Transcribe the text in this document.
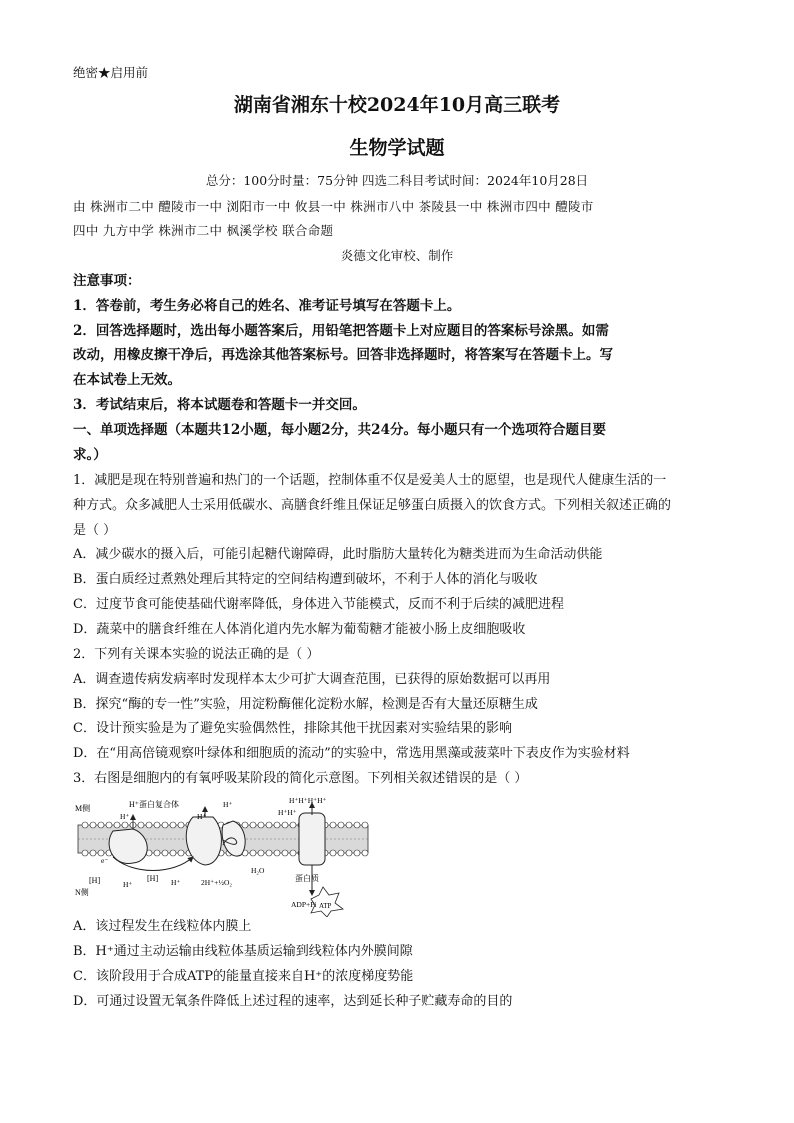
绝密★启用前
湖南省湘东十校2024年10月高三联考
生物学试题
总分：100分时量：75分钟 四选二科目考试时间：2024年10月28日
由 株洲市二中 醴陵市一中 浏阳市一中 攸县一中 株洲市八中 茶陵县一中 株洲市四中 醴陵市
四中 九方中学 株洲市二中 枫溪学校 联合命题
炎德文化审校、制作
注意事项：
1．答卷前，考生务必将自己的姓名、准考证号填写在答题卡上。
2．回答选择题时，选出每小题答案后，用铅笔把答题卡上对应题目的答案标号涂黑。如需
改动，用橡皮擦干净后，再选涂其他答案标号。回答非选择题时，将答案写在答题卡上。写
在本试卷上无效。
3．考试结束后，将本试题卷和答题卡一并交回。
一、单项选择题（本题共12小题，每小题2分，共24分。每小题只有一个选项符合题目要
求。）
1．减肥是现在特别普遍和热门的一个话题，控制体重不仅是爱美人士的愿望，也是现代人健康生活的一
种方式。众多减肥人士采用低碳水、高膳食纤维且保证足够蛋白质摄入的饮食方式。下列相关叙述正确的
是（ ）
A．减少碳水的摄入后，可能引起糖代谢障碍，此时脂肪大量转化为糖类进而为生命活动供能
B．蛋白质经过煮熟处理后其特定的空间结构遭到破坏，不利于人体的消化与吸收
C．过度节食可能使基础代谢率降低，身体进入节能模式，反而不利于后续的减肥进程
D．蔬菜中的膳食纤维在人体消化道内先水解为葡萄糖才能被小肠上皮细胞吸收
2．下列有关课本实验的说法正确的是（ ）
A．调查遗传病发病率时发现样本太少可扩大调查范围，已获得的原始数据可以再用
B．探究“酶的专一性”实验，用淀粉酶催化淀粉水解，检测是否有大量还原糖生成
C．设计预实验是为了避免实验偶然性，排除其他干扰因素对实验结果的影响
D．在“用高倍镜观察叶绿体和细胞质的流动”的实验中，常选用黑藻或菠菜叶下表皮作为实验材料
3．右图是细胞内的有氧呼吸某阶段的简化示意图。下列相关叙述错误的是（ ）
M侧
N侧
H⁺蛋白复合体
H⁺
H⁺
H⁺
H⁺H⁺H⁺H⁺
H⁺H⁺
e⁻
[H]	[H]
H⁺	H⁺
H₂O
2H⁺+½O₂	蛋白质
ADP+Pi ATP
A．该过程发生在线粒体内膜上
B．H⁺通过主动运输由线粒体基质运输到线粒体内外膜间隙
C．该阶段用于合成ATP的能量直接来自H⁺的浓度梯度势能
D．可通过设置无氧条件降低上述过程的速率，达到延长种子贮藏寿命的目的
